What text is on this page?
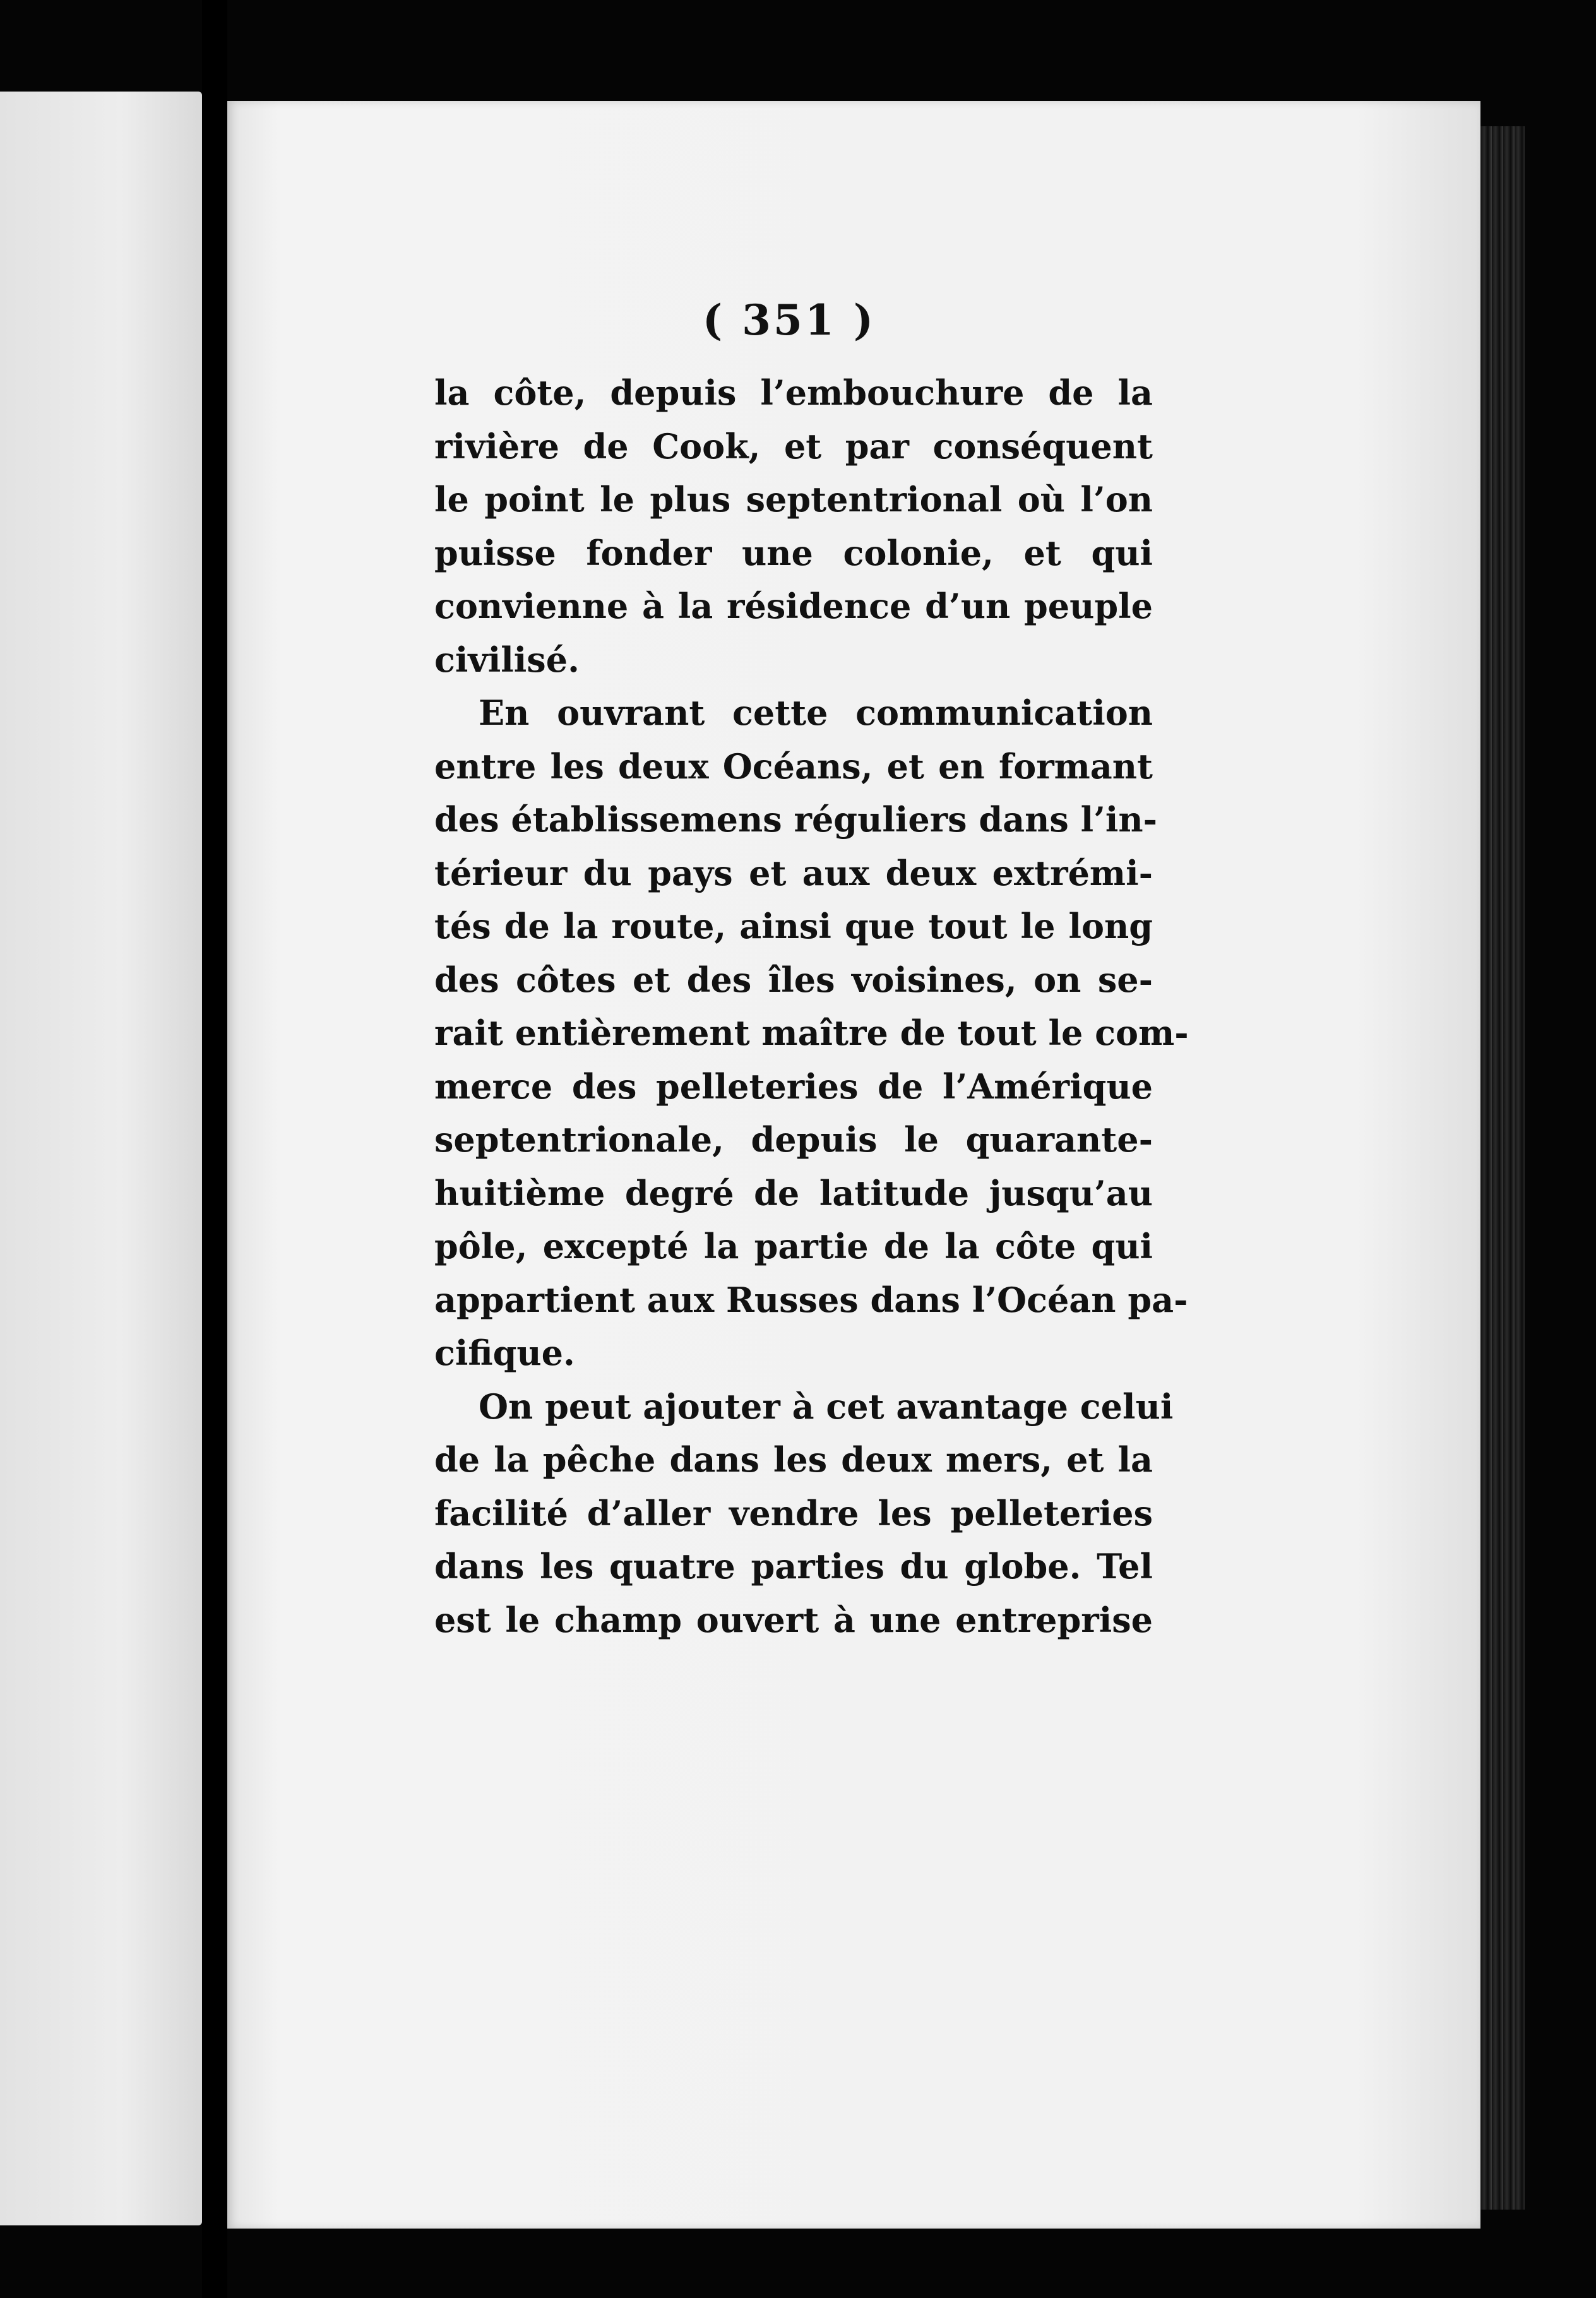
( 351 )
la côte, depuis l’embouchure de la
rivière de Cook, et par conséquent
le point le plus septentrional où l’on
puisse fonder une colonie, et qui
convienne à la résidence d’un peuple
civilisé.
En ouvrant cette communication
entre les deux Océans, et en formant
des établissemens réguliers dans l’in-
térieur du pays et aux deux extrémi-
tés de la route, ainsi que tout le long
des côtes et des îles voisines, on se-
rait entièrement maître de tout le com-
merce des pelleteries de l’Amérique
septentrionale, depuis le quarante-
huitième degré de latitude jusqu’au
pôle, excepté la partie de la côte qui
appartient aux Russes dans l’Océan pa-
cifique.
On peut ajouter à cet avantage celui
de la pêche dans les deux mers, et la
facilité d’aller vendre les pelleteries
dans les quatre parties du globe. Tel
est le champ ouvert à une entreprise
